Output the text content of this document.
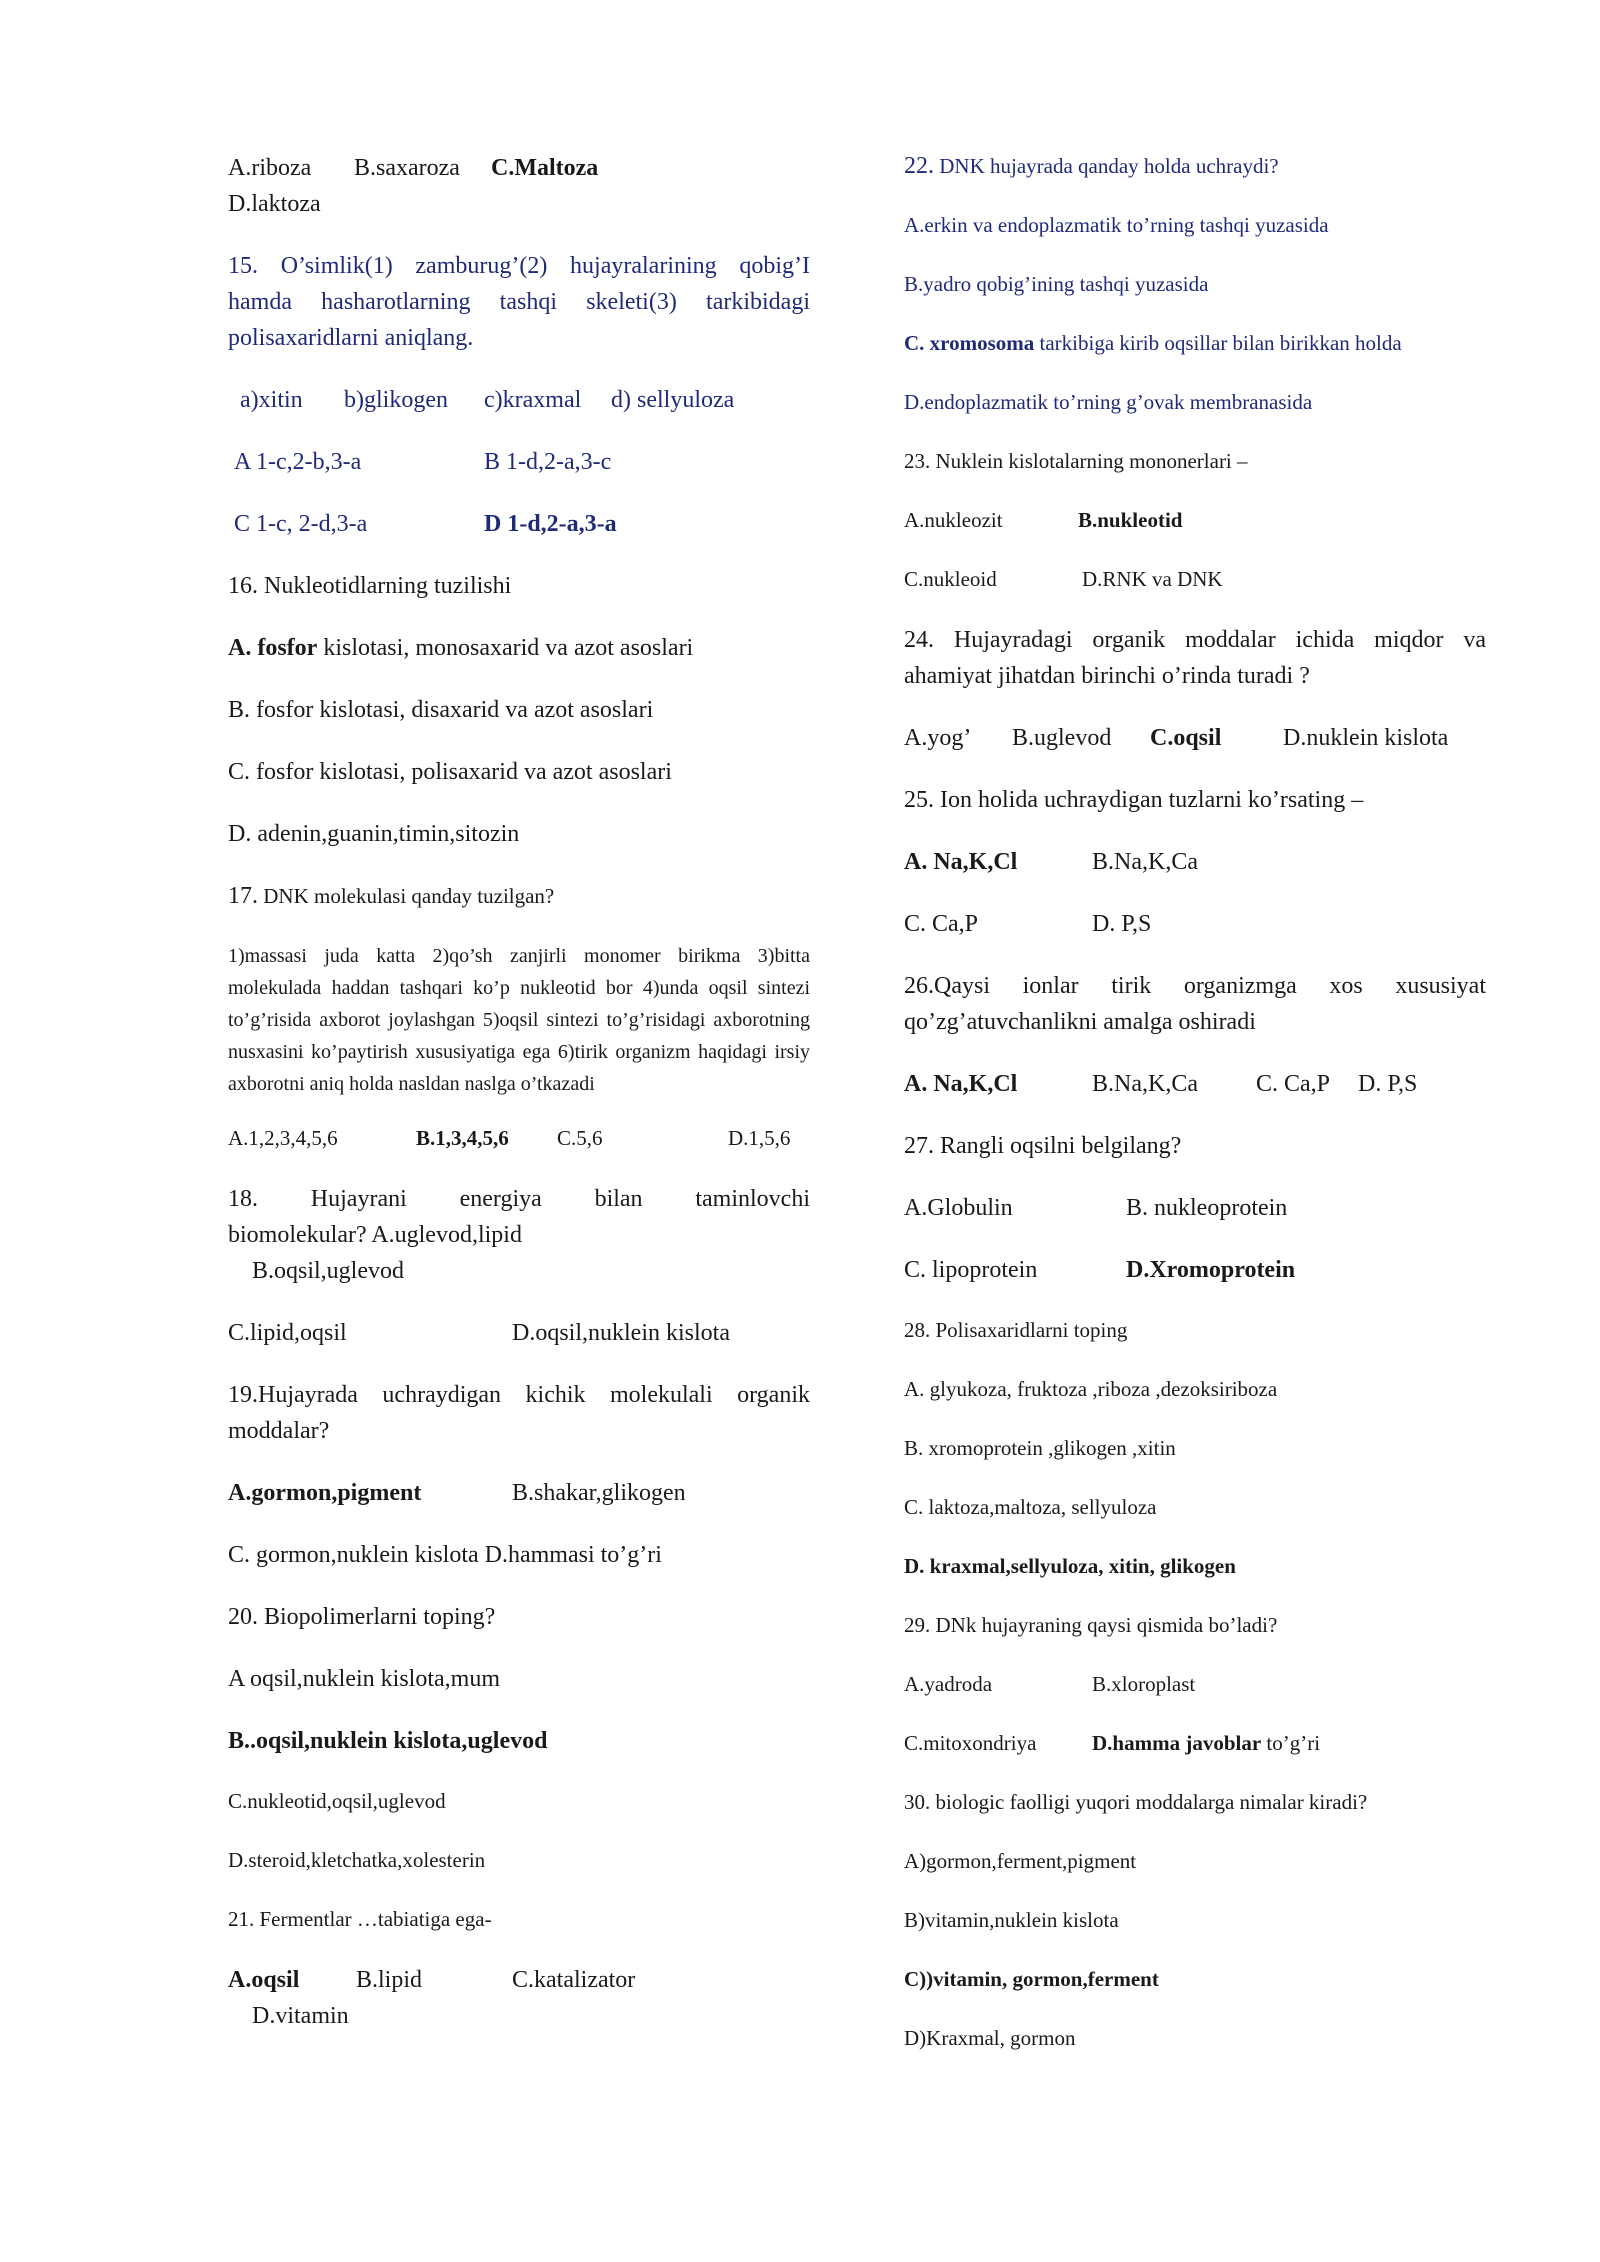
A.riboza	B.saxaroza	C.Maltoza

D.laktoza

15. O’simlik(1) zamburug’(2) hujayralarining qobig’I hamda hasharotlarning tashqi skeleti(3) tarkibidagi polisaxaridlarni aniqlang.

a)xitin	b)glikogen	c)kraxmal	d) sellyuloza
A 1-c,2-b,3-a	B 1-d,2-a,3-c
C 1-c, 2-d,3-a	D 1-d,2-a,3-a

16. Nukleotidlarning tuzilishi

A. fosfor kislotasi, monosaxarid va azot asoslari

B. fosfor kislotasi, disaxarid va azot asoslari

C. fosfor kislotasi, polisaxarid va azot asoslari

D. adenin,guanin,timin,sitozin

17. DNK molekulasi qanday tuzilgan?

1)massasi juda katta 2)qo’sh zanjirli monomer birikma 3)bitta molekulada haddan tashqari ko’p nukleotid bor 4)unda oqsil sintezi to’g’risida axborot joylashgan 5)oqsil sintezi to’g’risidagi axborotning nusxasini ko’paytirish xususiyatiga ega 6)tirik organizm haqidagi irsiy axborotni aniq holda nasldan naslga o’tkazadi

A.1,2,3,4,5,6	B.1,3,4,5,6	C.5,6	D.1,5,6
18. Hujayrani energiya bilan taminlovchi
biomolekular? A.uglevod,lipid
B.oqsil,uglevod
C.lipid,oqsil	D.oqsil,nuklein kislota

19.Hujayrada uchraydigan kichik molekulali organik moddalar?

A.gormon,pigment	B.shakar,glikogen
C. gormon,nuklein kislota D.hammasi to’g’ri

20. Biopolimerlarni toping?

A oqsil,nuklein kislota,mum

B..oqsil,nuklein kislota,uglevod

C.nukleotid,oqsil,uglevod

D.steroid,kletchatka,xolesterin

21. Fermentlar …tabiatiga ega-

A.oqsil	B.lipid	C.katalizator
D.vitamin

22. DNK hujayrada qanday holda uchraydi?

A.erkin va endoplazmatik to’rning tashqi yuzasida

B.yadro qobig’ining tashqi yuzasida

C. xromosoma tarkibiga kirib oqsillar bilan birikkan holda

D.endoplazmatik to’rning g’ovak membranasida

23. Nuklein kislotalarning mononerlari –

A.nukleozit	B.nukleotid
C.nukleoid	D.RNK va DNK

24. Hujayradagi organik moddalar ichida miqdor va ahamiyat jihatdan birinchi o’rinda turadi ?

A.yog’	B.uglevod	C.oqsil	D.nuklein kislota

25. Ion holida uchraydigan tuzlarni ko’rsating –

A. Na,K,Cl	B.Na,K,Ca
C. Ca,P	D. P,S

26.Qaysi ionlar tirik organizmga xos xususiyat qo’zg’atuvchanlikni amalga oshiradi

A. Na,K,Cl	B.Na,K,Ca	C. Ca,P	D. P,S

27. Rangli oqsilni belgilang?

A.Globulin	B. nukleoprotein
C. lipoprotein	D.Xromoprotein

28. Polisaxaridlarni toping

A. glyukoza, fruktoza ,riboza ,dezoksiriboza

B. xromoprotein ,glikogen ,xitin

C. laktoza,maltoza, sellyuloza

D. kraxmal,sellyuloza, xitin, glikogen

29. DNk hujayraning qaysi qismida bo’ladi?

A.yadroda	B.xloroplast
C.mitoxondriya	D.hamma javoblar to’g’ri

30. biologic faolligi yuqori moddalarga nimalar kiradi?

A)gormon,ferment,pigment

B)vitamin,nuklein kislota

C))vitamin, gormon,ferment

D)Kraxmal, gormon
